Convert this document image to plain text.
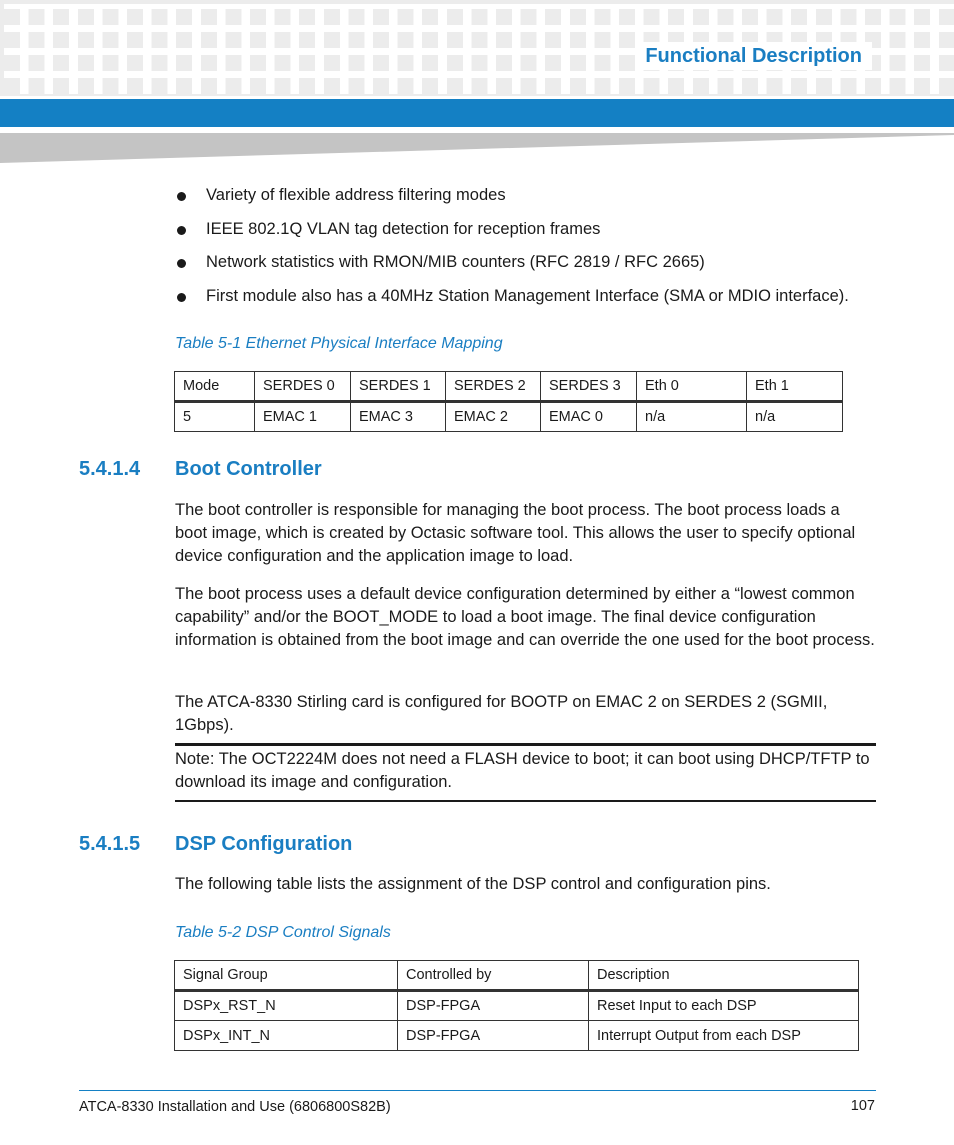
Functional Description
Variety of flexible address filtering modes
IEEE 802.1Q VLAN tag detection for reception frames
Network statistics with RMON/MIB counters (RFC 2819 / RFC 2665)
First module also has a 40MHz Station Management Interface (SMA or MDIO interface).
Table 5-1 Ethernet Physical Interface Mapping
Mode	SERDES 0	SERDES 1	SERDES 2	SERDES 3	Eth 0	Eth 1
5	EMAC 1	EMAC 3	EMAC 2	EMAC 0	n/a	n/a
5.4.1.4 Boot Controller

The boot controller is responsible for managing the boot process. The boot process loads a boot image, which is created by Octasic software tool. This allows the user to specify optional device configuration and the application image to load.

The boot process uses a default device configuration determined by either a “lowest common capability” and/or the BOOT_MODE to load a boot image. The final device configuration information is obtained from the boot image and can override the one used for the boot process.

The ATCA-8330 Stirling card is configured for BOOTP on EMAC 2 on SERDES 2 (SGMII, 1Gbps).

Note: The OCT2224M does not need a FLASH device to boot; it can boot using DHCP/TFTP to download its image and configuration.
5.4.1.5 DSP Configuration

The following table lists the assignment of the DSP control and configuration pins.

Table 5-2 DSP Control Signals
Signal Group	Controlled by	Description
DSPx_RST_N	DSP-FPGA	Reset Input to each DSP
DSPx_INT_N	DSP-FPGA	Interrupt Output from each DSP
ATCA-8330 Installation and Use (6806800S82B)	107
